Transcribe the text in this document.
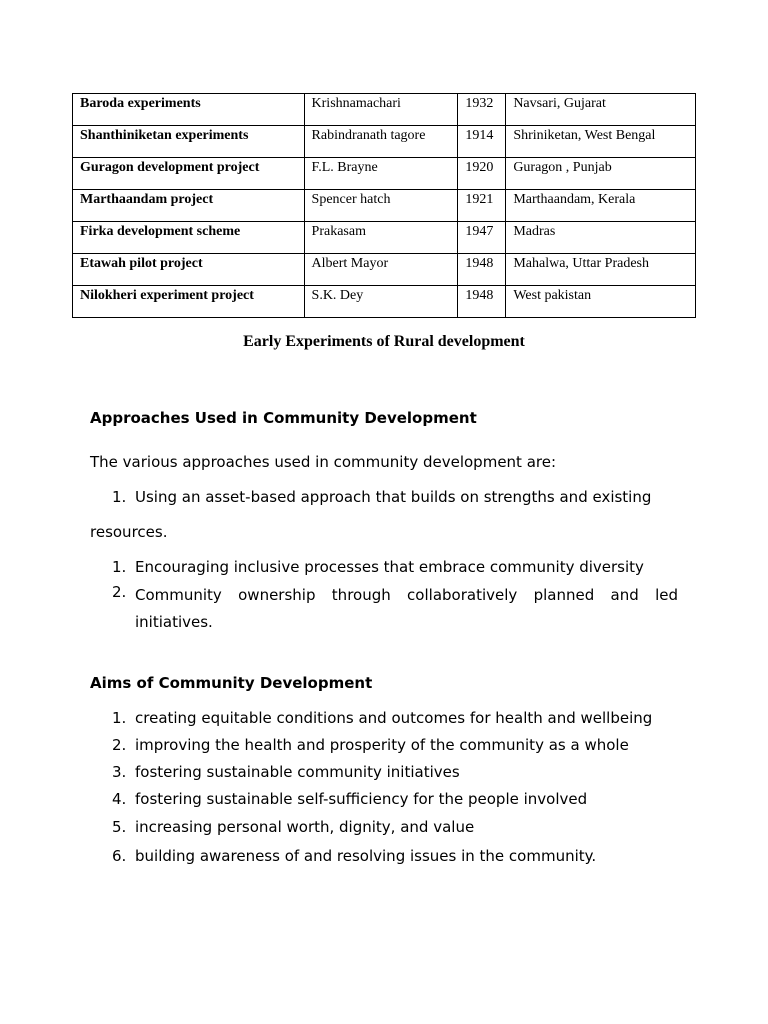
Baroda experiments	Krishnamachari	1932	Navsari, Gujarat
Shanthiniketan experiments	Rabindranath tagore	1914	Shriniketan, West Bengal
Guragon development project	F.L. Brayne	1920	Guragon , Punjab
Marthaandam project	Spencer hatch	1921	Marthaandam, Kerala
Firka development scheme	Prakasam	1947	Madras
Etawah pilot project	Albert Mayor	1948	Mahalwa, Uttar Pradesh
Nilokheri experiment project	S.K. Dey	1948	West pakistan
Early Experiments of Rural development
Approaches Used in Community Development
The various approaches used in community development are:
1. Using an asset-based approach that builds on strengths and existing
resources.
1. Encouraging inclusive processes that embrace community diversity
2. Community ownership through collaboratively planned and led
initiatives.
Aims of Community Development
1. creating equitable conditions and outcomes for health and wellbeing
2. improving the health and prosperity of the community as a whole
3. fostering sustainable community initiatives
4. fostering sustainable self-sufficiency for the people involved
5. increasing personal worth, dignity, and value
6. building awareness of and resolving issues in the community.
